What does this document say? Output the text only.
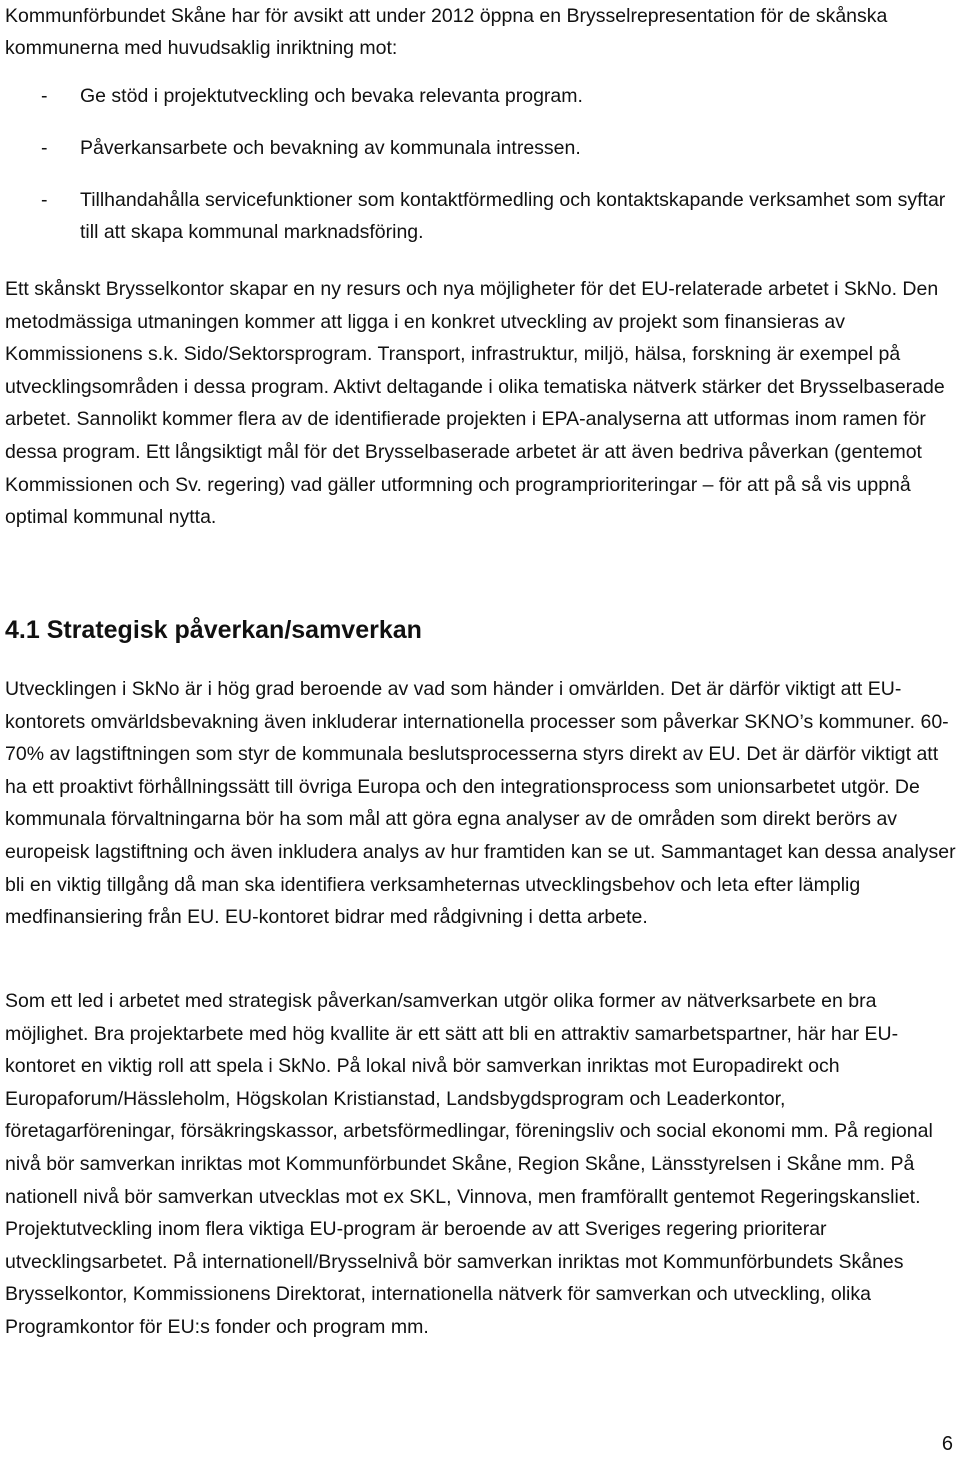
Kommunförbundet Skåne har för avsikt att under 2012 öppna en Brysselrepresentation för de skånska kommunerna med huvudsaklig inriktning mot:

- Ge stöd i projektutveckling och bevaka relevanta program.
- Påverkansarbete och bevakning av kommunala intressen.
- Tillhandahålla servicefunktioner som kontaktförmedling och kontaktskapande verksamhet som syftar till att skapa kommunal marknadsföring.

Ett skånskt Brysselkontor skapar en ny resurs och nya möjligheter för det EU-relaterade arbetet i SkNo. Den metodmässiga utmaningen kommer att ligga i en konkret utveckling av projekt som finansieras av Kommissionens s.k. Sido/Sektorsprogram. Transport, infrastruktur, miljö, hälsa, forskning är exempel på utvecklingsområden i dessa program. Aktivt deltagande i olika tematiska nätverk stärker det Brysselbaserade arbetet. Sannolikt kommer flera av de identifierade projekten i EPA-analyserna att utformas inom ramen för dessa program. Ett långsiktigt mål för det Brysselbaserade arbetet är att även bedriva påverkan (gentemot Kommissionen och Sv. regering) vad gäller utformning och programprioriteringar – för att på så vis uppnå optimal kommunal nytta.

4.1 Strategisk påverkan/samverkan

Utvecklingen i SkNo är i hög grad beroende av vad som händer i omvärlden. Det är därför viktigt att EU-kontorets omvärldsbevakning även inkluderar internationella processer som påverkar SKNO’s kommuner. 60-70% av lagstiftningen som styr de kommunala beslutsprocesserna styrs direkt av EU. Det är därför viktigt att ha ett proaktivt förhållningssätt till övriga Europa och den integrationsprocess som unionsarbetet utgör. De kommunala förvaltningarna bör ha som mål att göra egna analyser av de områden som direkt berörs av europeisk lagstiftning och även inkludera analys av hur framtiden kan se ut. Sammantaget kan dessa analyser bli en viktig tillgång då man ska identifiera verksamheternas utvecklingsbehov och leta efter lämplig medfinansiering från EU. EU-kontoret bidrar med rådgivning i detta arbete.

Som ett led i arbetet med strategisk påverkan/samverkan utgör olika former av nätverksarbete en bra möjlighet. Bra projektarbete med hög kvallite är ett sätt att bli en attraktiv samarbetspartner, här har EU-kontoret en viktig roll att spela i SkNo. På lokal nivå bör samverkan inriktas mot Europadirekt och Europaforum/Hässleholm, Högskolan Kristianstad, Landsbygdsprogram och Leaderkontor, företagarföreningar, försäkringskassor, arbetsförmedlingar, föreningsliv och social ekonomi mm. På regional nivå bör samverkan inriktas mot Kommunförbundet Skåne, Region Skåne, Länsstyrelsen i Skåne mm. På nationell nivå bör samverkan utvecklas mot ex SKL, Vinnova, men framförallt gentemot Regeringskansliet. Projektutveckling inom flera viktiga EU-program är beroende av att Sveriges regering prioriterar utvecklingsarbetet. På internationell/Brysselnivå bör samverkan inriktas mot Kommunförbundets Skånes Brysselkontor, Kommissionens Direktorat, internationella nätverk för samverkan och utveckling, olika Programkontor för EU:s fonder och program mm.

6
